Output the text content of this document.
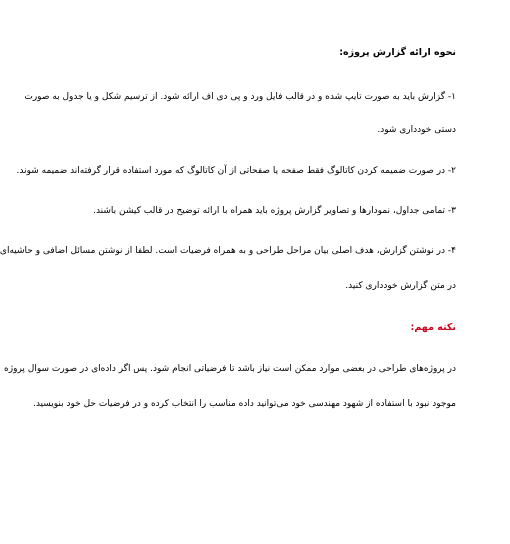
نحوه ارائه گزارش پروژه:
۱- گزارش باید به صورت تایپ شده و در قالب فایل ورد و پی دی اف ارائه شود. از ترسیم شکل و یا جدول به صورت
دستی خودداری شود.
۲- در صورت ضمیمه کردن کاتالوگ فقط صفحه یا صفحاتی از آن کاتالوگ که مورد استفاده قرار گرفته‌اند ضمیمه شوند.
۳- تمامی جداول، نمودارها و تصاویر گزارش پروژه باید همراه با ارائه توضیح در قالب کیشن باشند.
۴- در نوشتن گزارش، هدف اصلی بیان مراحل طراحی و به همراه فرضیات است. لطفا از نوشتن مسائل اضافی و حاشیه‌ای
در متن گزارش خودداری کنید.
نکته مهم:
در پروژه‌های طراحی در بعضی موارد ممکن است نیاز باشد تا فرضیاتی انجام شود. پس اگر داده‌ای در صورت سوال پروژه
موجود نبود با استفاده از شهود مهندسی خود می‌توانید داده مناسب را انتخاب کرده و در فرضیات حل خود بنویسید.
